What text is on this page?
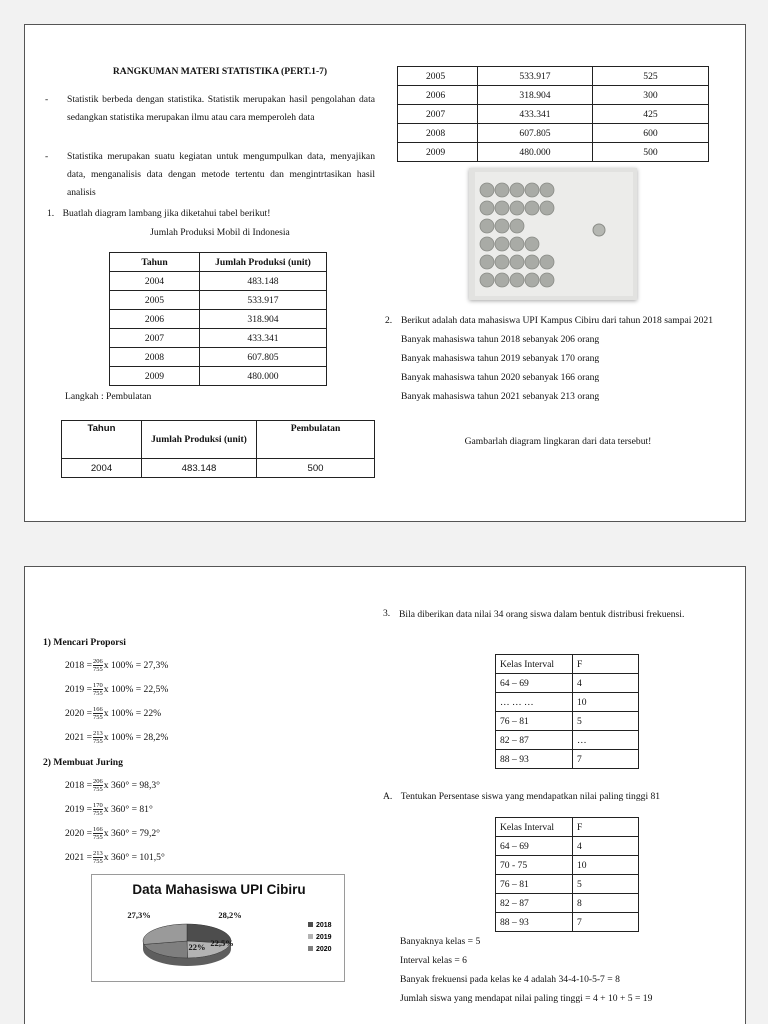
RANGKUMAN MATERI STATISTIKA (PERT.1-7)
-	Statistik berbeda dengan statistika. Statistik merupakan hasil pengolahan data sedangkan statistika merupakan ilmu atau cara memperoleh data
-	Statistika merupakan suatu kegiatan untuk mengumpulkan data, menyajikan data, menganalisis data dengan metode tertentu dan mengintrtasikan hasil analisis
1. Buatlah diagram lambang jika diketahui tabel berikut!
Jumlah Produksi Mobil di Indonesia
Tahun	Jumlah Produksi (unit)
2004	483.148
2005	533.917
2006	318.904
2007	433.341
2008	607.805
2009	480.000
Langkah : Pembulatan
Tahun	Jumlah Produksi (unit)	Pembulatan
2004	483.148	500
2005	533.917	525
2006	318.904	300
2007	433.341	425
2008	607.805	600
2009	480.000	500
2. Berikut adalah data mahasiswa UPI Kampus Cibiru dari tahun 2018 sampai 2021
Banyak mahasiswa tahun 2018 sebanyak 206 orang
Banyak mahasiswa tahun 2019 sebanyak 170 orang
Banyak mahasiswa tahun 2020 sebanyak 166 orang
Banyak mahasiswa tahun 2021 sebanyak 213 orang
Gambarlah diagram lingkaran dari data tersebut!
1) Mencari Proporsi
$2018 = \frac{206}{755}$ x 100% = 27,3%
$2019 = \frac{170}{755}$ x 100% = 22,5%
$2020 = \frac{166}{755}$ x 100% = 22%
$2021 = \frac{213}{755}$ x 100% = 28,2%
2) Membuat Juring
$2018 = \frac{206}{755}$ x 360° = 98,3°
$2019 = \frac{170}{755}$ x 360° = 81°
$2020 = \frac{166}{755}$ x 360° = 79,2°
$2021 = \frac{213}{755}$ x 360° = 101,5°
Data Mahasiswa UPI Cibiru
27,3%	28,2%
22,5%
22%
2018
2019
2020
3. Bila diberikan data nilai 34 orang siswa dalam bentuk distribusi frekuensi.
Kelas Interval	F
64 – 69	4
… … …	10
76 – 81	5
82 – 87	…
88 – 93	7
A. Tentukan Persentase siswa yang mendapatkan nilai paling tinggi 81
Kelas Interval	F
64 – 69	4
70 - 75	10
76 – 81	5
82 – 87	8
88 – 93	7
Banyaknya kelas = 5
Interval kelas = 6
Banyak frekuensi pada kelas ke 4 adalah 34-4-10-5-7 = 8
Jumlah siswa yang mendapat nilai paling tinggi = 4 + 10 + 5 = 19
